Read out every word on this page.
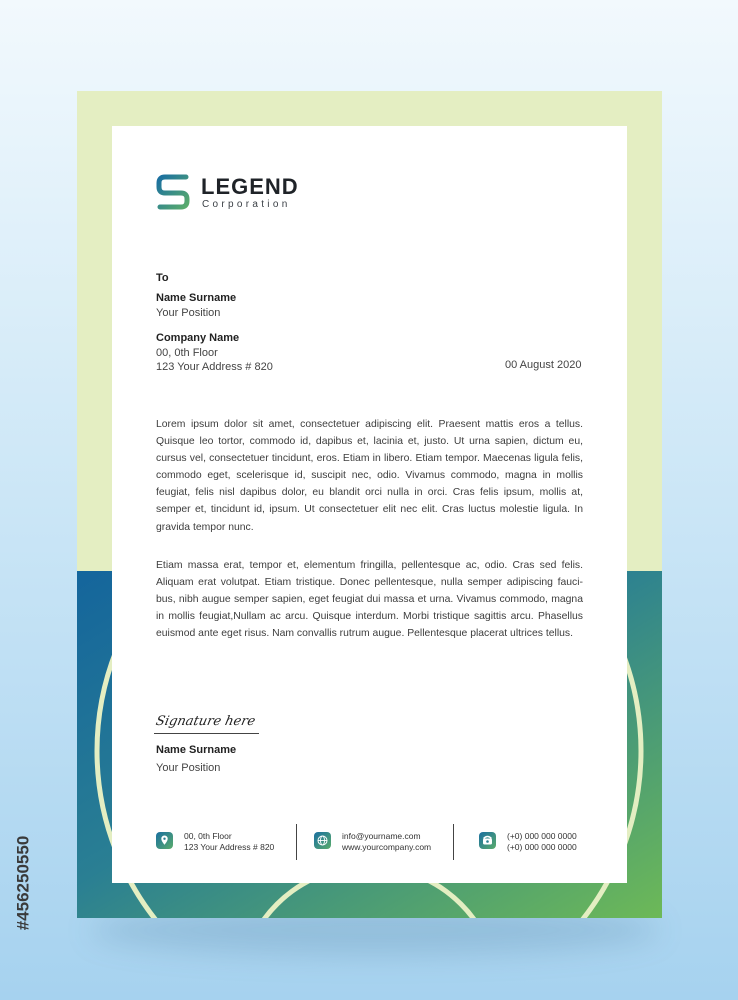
LEGEND
Corporation
To
Name Surname
Your Position
Company Name
00, 0th Floor
123 Your Address # 820	00 August 2020

Lorem ipsum dolor sit amet, consectetuer adipiscing elit. Praesent mattis eros a tellus. Quisque leo tortor, commodo id, dapibus et, lacinia et, justo. Ut urna sapien, dictum eu, cursus vel, consectetuer tincidunt, eros. Etiam in libero. Etiam tempor. Maecenas ligula felis, commodo eget, scelerisque id, suscipit nec, odio. Vivamus commodo, magna in mollis feugiat, felis nisl dapibus dolor, eu blandit orci nulla in orci. Cras felis ipsum, mollis at, semper et, tincidunt id, ipsum. Ut consectetuer elit nec elit. Cras luctus molestie ligula. In gravida tempor nunc.

Etiam massa erat, tempor et, elementum fringilla, pellentesque ac, odio. Cras sed felis. Aliquam erat volutpat. Etiam tristique. Donec pellentesque, nulla semper adipiscing fauci-bus, nibh augue semper sapien, eget feugiat dui massa et urna. Vivamus commodo, magna in mollis feugiat,Nullam ac arcu. Quisque interdum. Morbi tristique sagittis arcu. Phasellus euismod ante eget risus. Nam convallis rutrum augue. Pellentesque placerat ultrices tellus.

Signature here
Name Surname
Your Position
00, 0th Floor
123 Your Address # 820
info@yourname.com
www.yourcompany.com
(+0) 000 000 0000
(+0) 000 000 0000
#456250550
